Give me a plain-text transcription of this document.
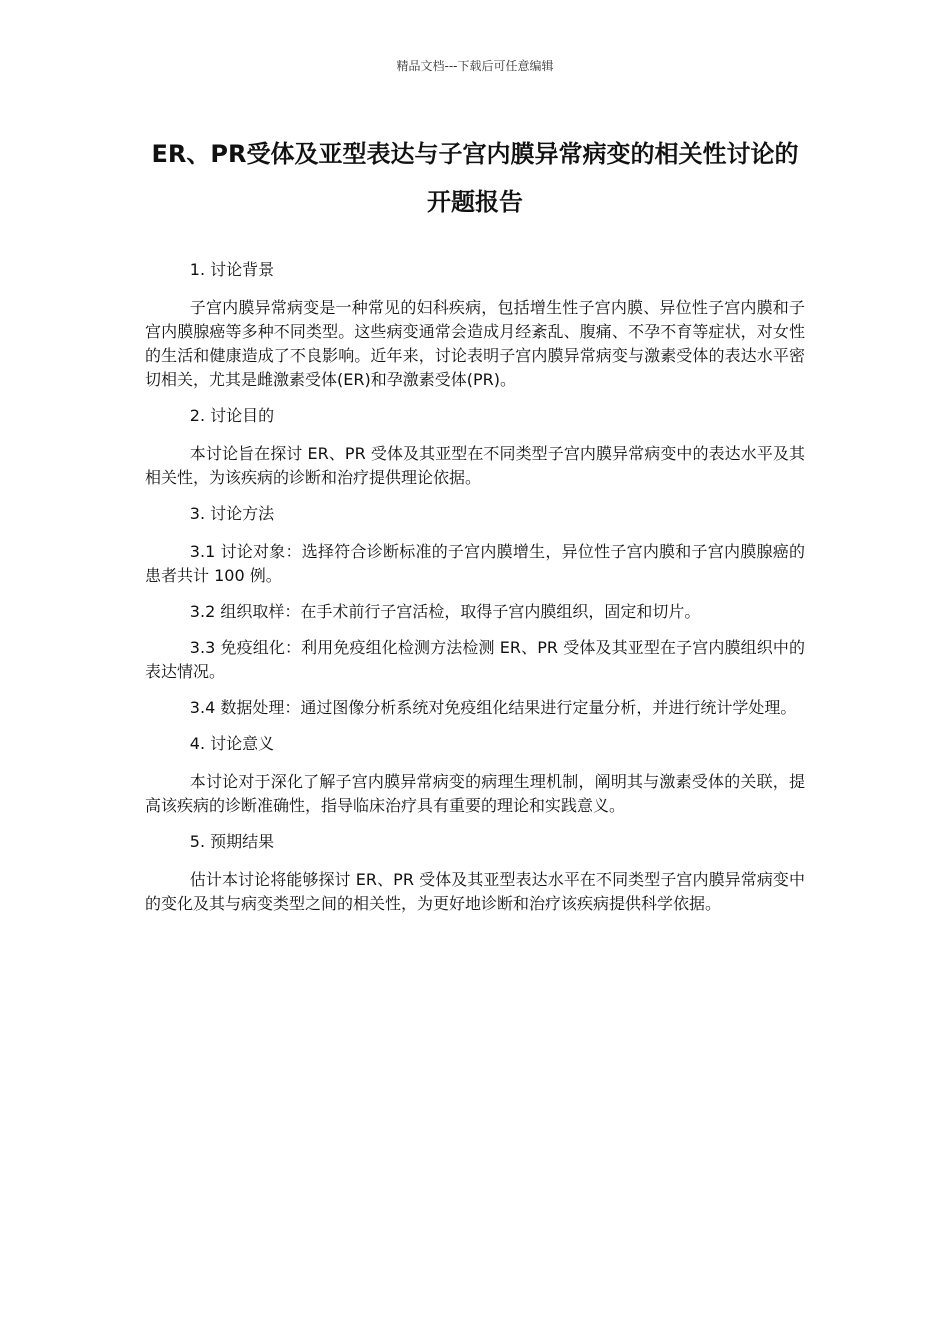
精品文档---下载后可任意编辑
ER、PR受体及亚型表达与子宫内膜异常病变的相关性讨论的开题报告

1. 讨论背景

子宫内膜异常病变是一种常见的妇科疾病，包括增生性子宫内膜、异位性子宫内膜和子宫内膜腺癌等多种不同类型。这些病变通常会造成月经紊乱、腹痛、不孕不育等症状，对女性的生活和健康造成了不良影响。近年来，讨论表明子宫内膜异常病变与激素受体的表达水平密切相关，尤其是雌激素受体(ER)和孕激素受体(PR)。

2. 讨论目的

本讨论旨在探讨 ER、PR 受体及其亚型在不同类型子宫内膜异常病变中的表达水平及其相关性，为该疾病的诊断和治疗提供理论依据。

3. 讨论方法

3.1 讨论对象：选择符合诊断标准的子宫内膜增生，异位性子宫内膜和子宫内膜腺癌的患者共计 100 例。

3.2 组织取样：在手术前行子宫活检，取得子宫内膜组织，固定和切片。

3.3 免疫组化：利用免疫组化检测方法检测 ER、PR 受体及其亚型在子宫内膜组织中的表达情况。

3.4 数据处理：通过图像分析系统对免疫组化结果进行定量分析，并进行统计学处理。

4. 讨论意义

本讨论对于深化了解子宫内膜异常病变的病理生理机制，阐明其与激素受体的关联，提高该疾病的诊断准确性，指导临床治疗具有重要的理论和实践意义。

5. 预期结果

估计本讨论将能够探讨 ER、PR 受体及其亚型表达水平在不同类型子宫内膜异常病变中的变化及其与病变类型之间的相关性，为更好地诊断和治疗该疾病提供科学依据。
